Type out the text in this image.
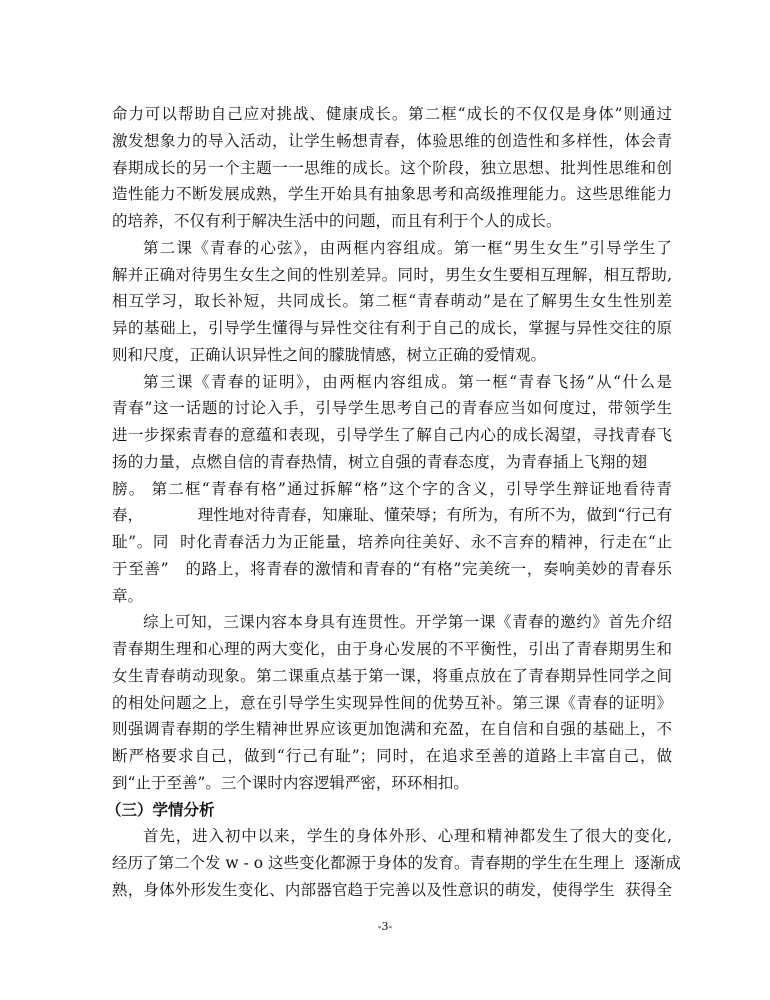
命力可以帮助自己应对挑战、健康成长。第二框“成长的不仅仅是身体”则通过
激发想象力的导入活动，让学生畅想青春，体验思维的创造性和多样性，体会青
春期成长的另一个主题一一思维的成长。这个阶段，独立思想、批判性思维和创
造性能力不断发展成熟，学生开始具有抽象思考和高级推理能力。这些思维能力
的培养，不仅有利于解决生活中的问题，而且有利于个人的成长。
第二课《青春的心弦》，由两框内容组成。第一框“男生女生”引导学生了
解并正确对待男生女生之间的性别差异。同时，男生女生要相互理解，相互帮助,
相互学习，取长补短，共同成长。第二框“青春萌动”是在了解男生女生性别差
异的基础上，引导学生懂得与异性交往有利于自己的成长，掌握与异性交往的原
则和尺度，正确认识异性之间的朦胧情感，树立正确的爱情观。
第三课《青春的证明》，由两框内容组成。第一框“青春飞扬”从“什么是
青春”这一话题的讨论入手，引导学生思考自己的青春应当如何度过，带领学生
进一步探索青春的意蕴和表现，引导学生了解自己内心的成长渴望，寻找青春飞
扬的力量，点燃自信的青春热情，树立自强的青春态度，为青春插上飞翔的翅
膀。 第二框“青春有格”通过拆解“格”这个字的含义，引导学生辩证地看待青
春，           理性地对待青春，知廉耻、懂荣辱；有所为，有所不为，做到“行己有
耻”。同  时化青春活力为正能量，培养向往美好、永不言弃的精神，行走在“止
于至善”   的路上，将青春的激情和青春的“有格”完美统一，奏响美妙的青春乐
章。
综上可知，三课内容本身具有连贯性。开学第一课《青春的邀约》首先介绍
青春期生理和心理的两大变化，由于身心发展的不平衡性，引出了青春期男生和
女生青春萌动现象。第二课重点基于第一课，将重点放在了青春期异性同学之间
的相处问题之上，意在引导学生实现异性间的优势互补。第三课《青春的证明》
则强调青春期的学生精神世界应该更加饱满和充盈，在自信和自强的基础上，不
断严格要求自己，做到“行己有耻”；同时，在追求至善的道路上丰富自己，做
到“止于至善”。三个课时内容逻辑严密，环环相扣。
（三）学情分析
首先，进入初中以来，学生的身体外形、心理和精神都发生了很大的变化,
经历了第二个发 w - o 这些变化都源于身体的发育。青春期的学生在生理上  逐渐成
熟，身体外形发生变化、内部器官趋于完善以及性意识的萌发，使得学生  获得全
-3-
